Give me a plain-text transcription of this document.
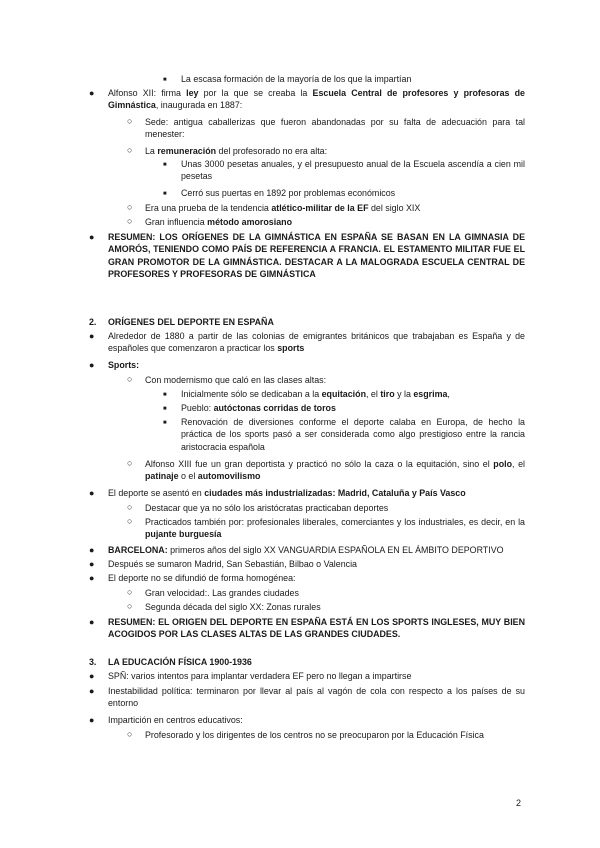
■ La escasa formación de la mayoría de los que la impartían
● Alfonso XII: firma ley por la que se creaba la Escuela Central de profesores y profesoras de Gimnástica, inaugurada en 1887:
○ Sede: antigua caballerizas que fueron abandonadas por su falta de adecuación para tal menester:
○ La remuneración del profesorado no era alta:
■ Unas 3000 pesetas anuales, y el presupuesto anual de la Escuela ascendía a cien mil pesetas
■ Cerró sus puertas en 1892 por problemas económicos
○ Era una prueba de la tendencia atlético-militar de la EF del siglo XIX
○ Gran influencia método amorosiano
● RESUMEN: LOS ORÍGENES DE LA GIMNÁSTICA EN ESPAÑA SE BASAN EN LA GIMNASIA DE AMORÓS, TENIENDO COMO PAÍS DE REFERENCIA A FRANCIA. EL ESTAMENTO MILITAR FUE EL GRAN PROMOTOR DE LA GIMNÁSTICA. DESTACAR A LA MALOGRADA ESCUELA CENTRAL DE PROFESORES Y PROFESORAS DE GIMNÁSTICA
2. ORÍGENES DEL DEPORTE EN ESPAÑA
● Alrededor de 1880 a partir de las colonias de emigrantes británicos que trabajaban es España y de españoles que comenzaron a practicar los sports
● Sports:
○ Con modernismo que caló en las clases altas:
■ Inicialmente sólo se dedicaban a la equitación, el tiro y la esgrima,
■ Pueblo: autóctonas corridas de toros
■ Renovación de diversiones conforme el deporte calaba en Europa, de hecho la práctica de los sports pasó a ser considerada como algo prestigioso entre la rancia aristocracia española
○ Alfonso XIII fue un gran deportista y practicó no sólo la caza o la equitación, sino el polo, el patinaje o el automovilismo
● El deporte se asentó en ciudades más industrializadas: Madrid, Cataluña y País Vasco
○ Destacar que ya no sólo los aristócratas practicaban deportes
○ Practicados también por: profesionales liberales, comerciantes y los industriales, es decir, en la pujante burguesía
● BARCELONA: primeros años del siglo XX VANGUARDIA ESPAÑOLA EN EL ÁMBITO DEPORTIVO
● Después se sumaron Madrid, San Sebastián, Bilbao o Valencia
● El deporte no se difundió de forma homogénea:
○ Gran velocidad:. Las grandes ciudades
○ Segunda década del siglo XX: Zonas rurales
● RESUMEN: EL ORIGEN DEL DEPORTE EN ESPAÑA ESTÁ EN LOS SPORTS INGLESES, MUY BIEN ACOGIDOS POR LAS CLASES ALTAS DE LAS GRANDES CIUDADES.
3. LA EDUCACIÓN FÍSICA 1900-1936
● SPÑ: varios intentos para implantar verdadera EF pero no llegan a impartirse
● Inestabilidad política: terminaron por llevar al país al vagón de cola con respecto a los países de su entorno
● Impartición en centros educativos:
○ Profesorado y los dirigentes de los centros no se preocuparon por la Educación Física
2
